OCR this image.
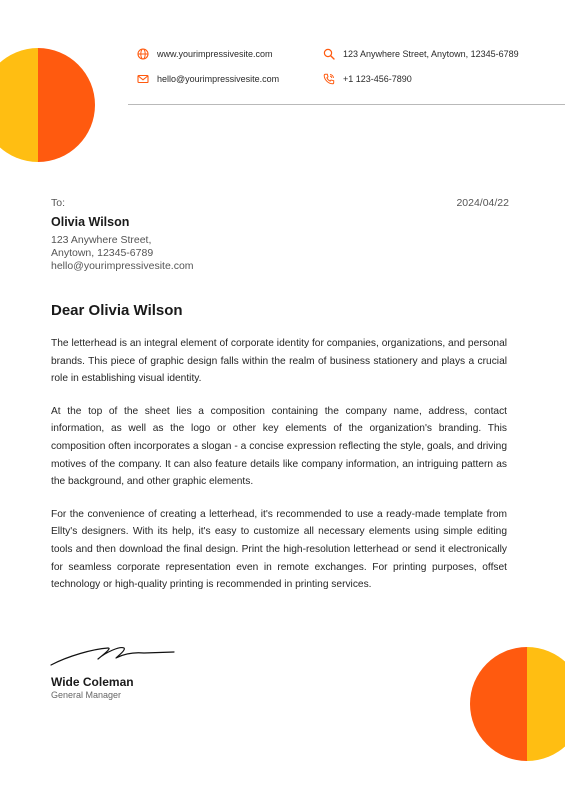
www.yourimpressivesite.com
hello@yourimpressivesite.com
123 Anywhere Street, Anytown, 12345-6789
+1 123-456-7890
To:	2024/04/22
Olivia Wilson
123 Anywhere Street,
Anytown, 12345-6789
hello@yourimpressivesite.com
Dear Olivia Wilson

The letterhead is an integral element of corporate identity for companies, organizations, and personal brands. This piece of graphic design falls within the realm of business stationery and plays a crucial role in establishing visual identity.

At the top of the sheet lies a composition containing the company name, address, contact information, as well as the logo or other key elements of the organization's branding. This composition often incorporates a slogan - a concise expression reflecting the style, goals, and driving motives of the company. It can also feature details like company information, an intriguing pattern as the background, and other graphic elements.

For the convenience of creating a letterhead, it's recommended to use a ready-made template from Ellty's designers. With its help, it's easy to customize all necessary elements using simple editing tools and then download the final design. Print the high-resolution letterhead or send it electronically for seamless corporate representation even in remote exchanges. For printing purposes, offset technology or high-quality printing is recommended in printing services.

Wide Coleman
General Manager
